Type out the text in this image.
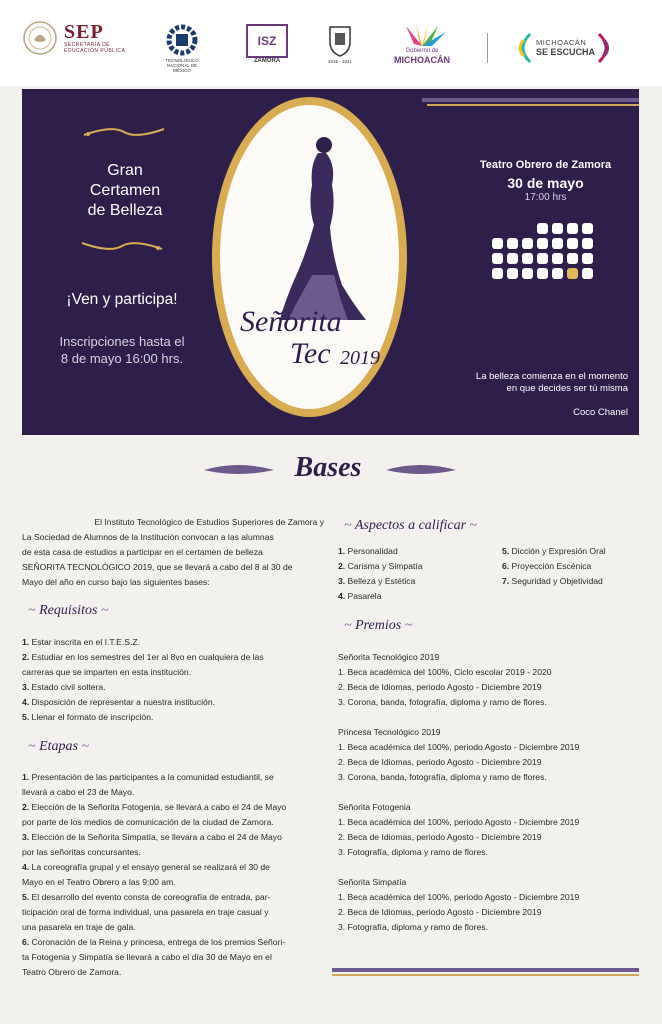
SEP
SECRETARÍA DE
EDUCACIÓN PÚBLICA
TECNOLÓGICO NACIONAL DE MÉXICO
ISZ
ZAMORA	2015 - 2021
Gobierno de
MICHOACÁN
MICHOACÁN
SE ESCUCHA
Gran
Certamen
de Belleza
¡Ven y participa!
Inscripciones hasta el
8 de mayo 16:00 hrs.
Señorita
Tec 2019
Teatro Obrero de Zamora
30 de mayo
17:00 hrs
La belleza comienza en el momento
en que decides ser tú misma
Coco Chanel
Bases
El Instituto Tecnológico de Estudios Superiores de Zamora y
La Sociedad de Alumnos de la Institución convocan a las alumnas
de esta casa de estudios a participar en el certamen de belleza
SEÑORITA TECNOLÓGICO 2019, que se llevará a cabo del 8 al 30 de
Mayo del año en curso bajo las siguientes bases:
~ Requisitos ~
1. Estar inscrita en el I.T.E.S.Z.
2. Estudiar en los semestres del 1er al 8vo en cualquiera de las
carreras que se imparten en esta institución.
3. Estado civil soltera.
4. Disposición de representar a nuestra institución.
5. Llenar el formato de inscripción.
~ Etapas ~
1. Presentación de las participantes a la comunidad estudiantil, se
llevará a cabo el 23 de Mayo.
2. Elección de la Señorita Fotogenia, se llevará a cabo el 24 de Mayo
por parte de los medios de comunicación de la ciudad de Zamora.
3. Elección de la Señorita Simpatía, se llevara a cabo el 24 de Mayo
por las señoritas concursantes.
4. La coreografía grupal y el ensayo general se realizará el 30 de
Mayo en el Teatro Obrero a las 9:00 am.
5. El desarrollo del evento consta de coreografía de entrada, par-
ticipación oral de forma individual, una pasarela en traje casual y
una pasarela en traje de gala.
6. Coronación de la Reina y princesa, entrega de los premios Señori-
ta Fotogenia y Simpatía se llevará a cabo el día 30 de Mayo en el
Teatro Obrero de Zamora.
~ Aspectos a calificar ~
1. Personalidad
2. Carisma y Simpatía
3. Belleza y Estética
4. Pasarela
5. Dicción y Expresión Oral
6. Proyección Escénica
7. Seguridad y Objetividad
~ Premios ~
Señorita Tecnológico 2019
1. Beca académica del 100%, Ciclo escolar 2019 - 2020
2. Beca de Idiomas, periodo Agosto - Diciembre 2019
3. Corona, banda, fotografía, diploma y ramo de flores.
Princesa Tecnológico 2019
1. Beca académica del 100%, periodo Agosto - Diciembre 2019
2. Beca de Idiomas, periodo Agosto - Diciembre 2019
3. Corona, banda, fotografía, diploma y ramo de flores.
Señorita Fotogenia
1. Beca académica del 100%, periodo Agosto - Diciembre 2019
2. Beca de Idiomas, periodo Agosto - Diciembre 2019
3. Fotografía, diploma y ramo de flores.
Señorita Simpatía
1. Beca académica del 100%, periodo Agosto - Diciembre 2019
2. Beca de Idiomas, periodo Agosto - Diciembre 2019
3. Fotografía, diploma y ramo de flores.
